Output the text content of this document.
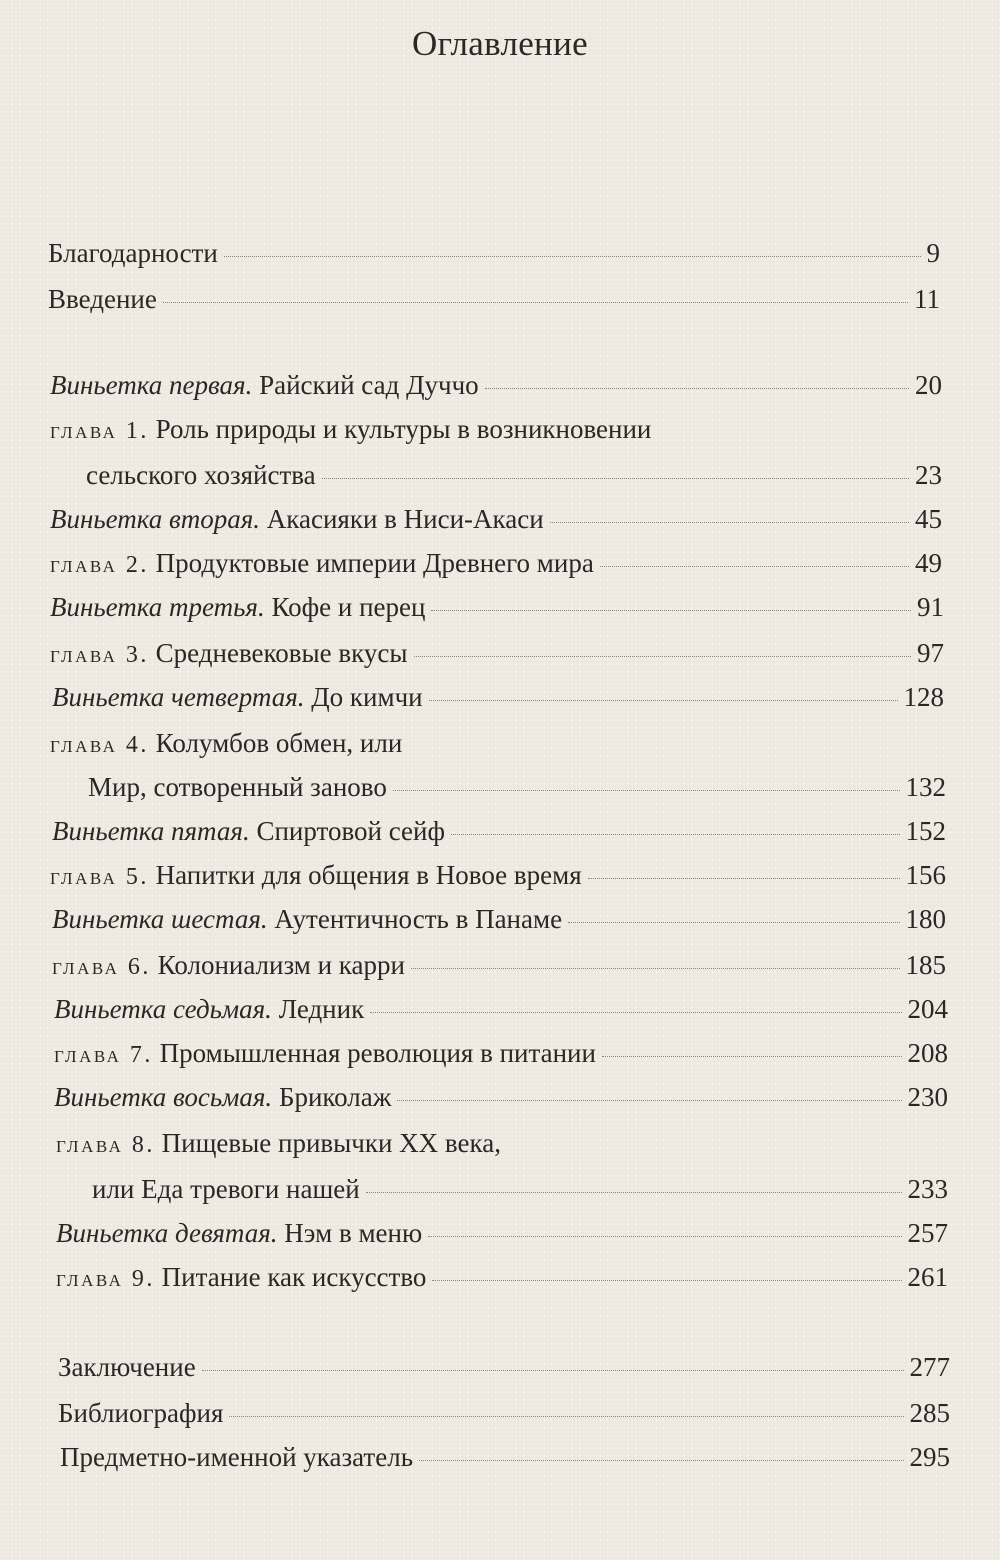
Оглавление
Благодарности	9
Введение	11
Виньетка первая. Райский сад Дуччо	20
глава 1. Роль природы и культуры в возникновении
сельского хозяйства	23
Виньетка вторая. Акасияки в Ниси-Акаси	45
глава 2. Продуктовые империи Древнего мира	49
Виньетка третья. Кофе и перец	91
глава 3. Средневековые вкусы	97
Виньетка четвертая. До кимчи	128
глава 4. Колумбов обмен, или
Мир, сотворенный заново	132
Виньетка пятая. Спиртовой сейф	152
глава 5. Напитки для общения в Новое время	156
Виньетка шестая. Аутентичность в Панаме	180
глава 6. Колониализм и карри	185
Виньетка седьмая. Ледник	204
глава 7. Промышленная революция в питании	208
Виньетка восьмая. Бриколаж	230
глава 8. Пищевые привычки XX века,
или Еда тревоги нашей	233
Виньетка девятая. Нэм в меню	257
глава 9. Питание как искусство	261
Заключение	277
Библиография	285
Предметно-именной указатель	295
